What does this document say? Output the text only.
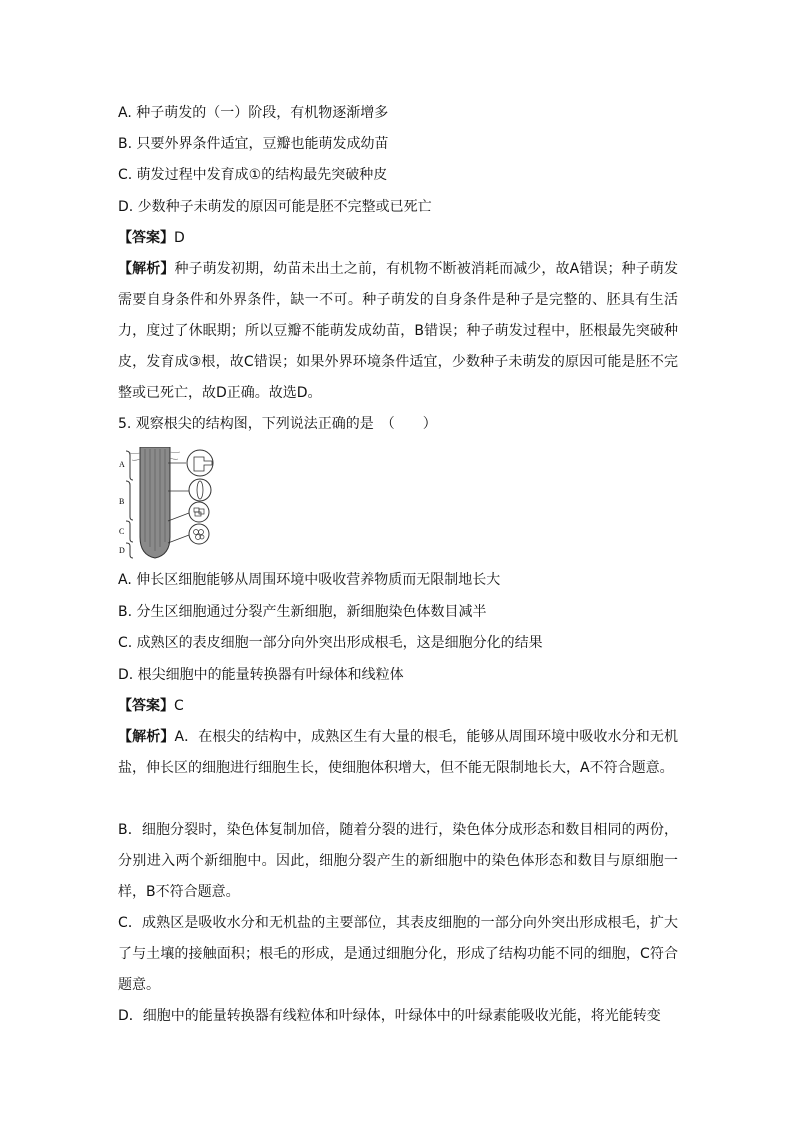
A. 种子萌发的（一）阶段，有机物逐渐增多
B. 只要外界条件适宜，豆瓣也能萌发成幼苗
C. 萌发过程中发育成①的结构最先突破种皮
D. 少数种子未萌发的原因可能是胚不完整或已死亡
【答案】D
【解析】种子萌发初期，幼苗未出土之前，有机物不断被消耗而减少，故A错误；种子萌发需要自身条件和外界条件，缺一不可。种子萌发的自身条件是种子是完整的、胚具有生活力，度过了休眠期；所以豆瓣不能萌发成幼苗，B错误；种子萌发过程中，胚根最先突破种皮，发育成③根，故C错误；如果外界环境条件适宜，少数种子未萌发的原因可能是胚不完整或已死亡，故D正确。故选D。
5. 观察根尖的结构图，下列说法正确的是　（　　）
A
B
C
D
A. 伸长区细胞能够从周围环境中吸收营养物质而无限制地长大
B. 分生区细胞通过分裂产生新细胞，新细胞染色体数目减半
C. 成熟区的表皮细胞一部分向外突出形成根毛，这是细胞分化的结果
D. 根尖细胞中的能量转换器有叶绿体和线粒体
【答案】C
【解析】A．在根尖的结构中，成熟区生有大量的根毛，能够从周围环境中吸收水分和无机盐，伸长区的细胞进行细胞生长，使细胞体积增大，但不能无限制地长大，A不符合题意。
B．细胞分裂时，染色体复制加倍，随着分裂的进行，染色体分成形态和数目相同的两份，分别进入两个新细胞中。因此，细胞分裂产生的新细胞中的染色体形态和数目与原细胞一样，B不符合题意。
C．成熟区是吸收水分和无机盐的主要部位，其表皮细胞的一部分向外突出形成根毛，扩大了与土壤的接触面积；根毛的形成，是通过细胞分化，形成了结构功能不同的细胞，C符合题意。
D．细胞中的能量转换器有线粒体和叶绿体，叶绿体中的叶绿素能吸收光能，将光能转变
